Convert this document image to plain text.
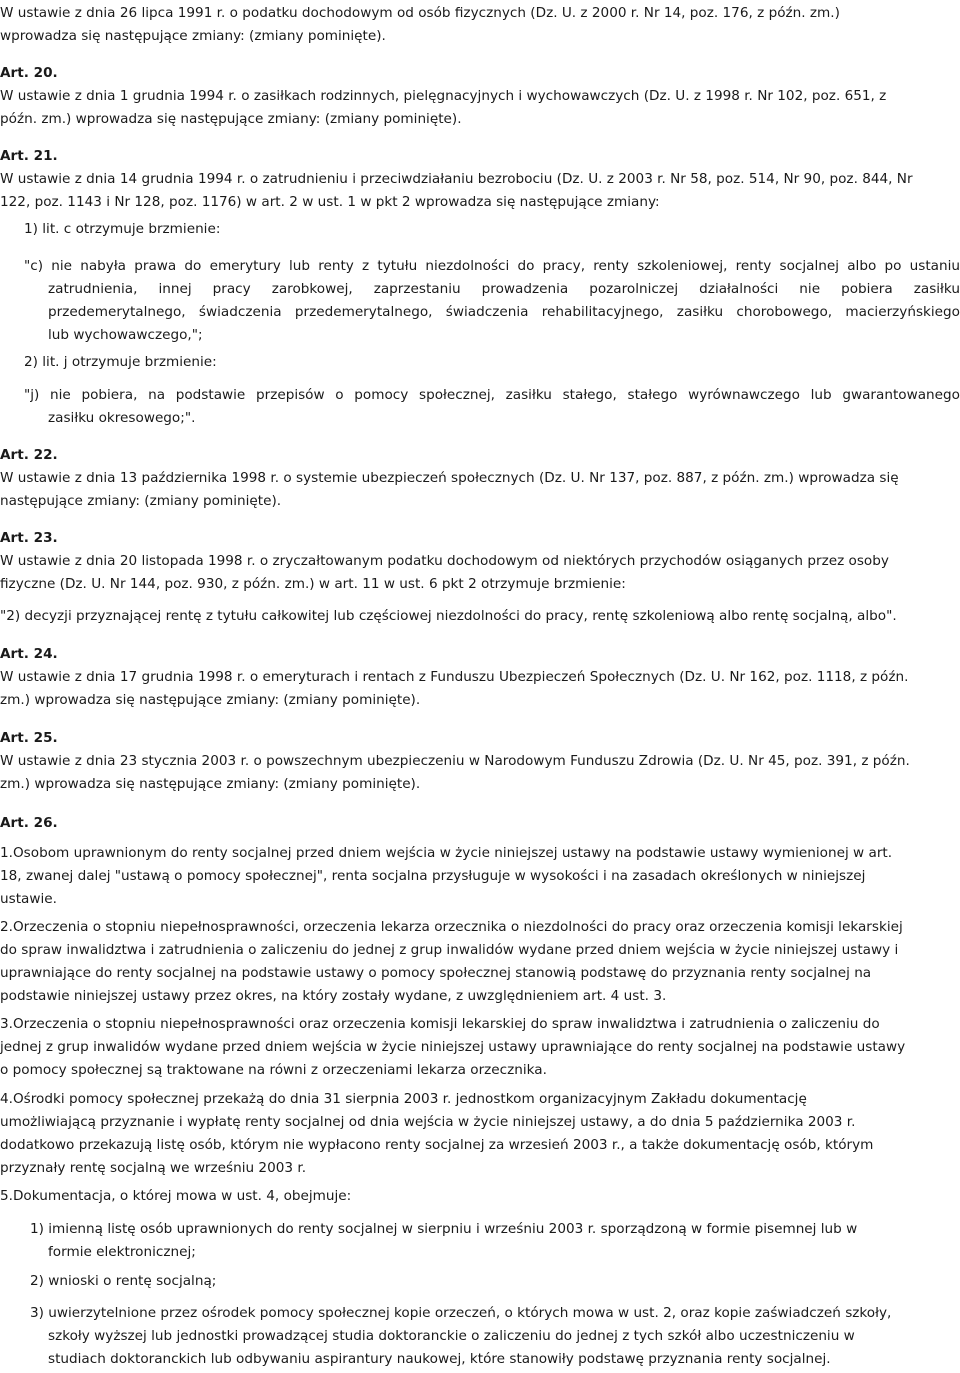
W ustawie z dnia 26 lipca 1991 r. o podatku dochodowym od osób fizycznych (Dz. U. z 2000 r. Nr 14, poz. 176, z późn. zm.)
wprowadza się następujące zmiany: (zmiany pominięte).
Art. 20.
W ustawie z dnia 1 grudnia 1994 r. o zasiłkach rodzinnych, pielęgnacyjnych i wychowawczych (Dz. U. z 1998 r. Nr 102, poz. 651, z
późn. zm.) wprowadza się następujące zmiany: (zmiany pominięte).
Art. 21.
W ustawie z dnia 14 grudnia 1994 r. o zatrudnieniu i przeciwdziałaniu bezrobociu (Dz. U. z 2003 r. Nr 58, poz. 514, Nr 90, poz. 844, Nr
122, poz. 1143 i Nr 128, poz. 1176) w art. 2 w ust. 1 w pkt 2 wprowadza się następujące zmiany:
1) lit. c otrzymuje brzmienie:
"c) nie nabyła prawa do emerytury lub renty z tytułu niezdolności do pracy, renty szkoleniowej, renty socjalnej albo po ustaniu
zatrudnienia, innej pracy zarobkowej, zaprzestaniu prowadzenia pozarolniczej działalności nie pobiera zasiłku
przedemerytalnego, świadczenia przedemerytalnego, świadczenia rehabilitacyjnego, zasiłku chorobowego, macierzyńskiego
lub wychowawczego,";
2) lit. j otrzymuje brzmienie:
"j) nie pobiera, na podstawie przepisów o pomocy społecznej, zasiłku stałego, stałego wyrównawczego lub gwarantowanego
zasiłku okresowego;".
Art. 22.
W ustawie z dnia 13 października 1998 r. o systemie ubezpieczeń społecznych (Dz. U. Nr 137, poz. 887, z późn. zm.) wprowadza się
następujące zmiany: (zmiany pominięte).
Art. 23.
W ustawie z dnia 20 listopada 1998 r. o zryczałtowanym podatku dochodowym od niektórych przychodów osiąganych przez osoby
fizyczne (Dz. U. Nr 144, poz. 930, z późn. zm.) w art. 11 w ust. 6 pkt 2 otrzymuje brzmienie:
"2) decyzji przyznającej rentę z tytułu całkowitej lub częściowej niezdolności do pracy, rentę szkoleniową albo rentę socjalną, albo".
Art. 24.
W ustawie z dnia 17 grudnia 1998 r. o emeryturach i rentach z Funduszu Ubezpieczeń Społecznych (Dz. U. Nr 162, poz. 1118, z późn.
zm.) wprowadza się następujące zmiany: (zmiany pominięte).
Art. 25.
W ustawie z dnia 23 stycznia 2003 r. o powszechnym ubezpieczeniu w Narodowym Funduszu Zdrowia (Dz. U. Nr 45, poz. 391, z późn.
zm.) wprowadza się następujące zmiany: (zmiany pominięte).
Art. 26.
1.Osobom uprawnionym do renty socjalnej przed dniem wejścia w życie niniejszej ustawy na podstawie ustawy wymienionej w art.
18, zwanej dalej "ustawą o pomocy społecznej", renta socjalna przysługuje w wysokości i na zasadach określonych w niniejszej
ustawie.
2.Orzeczenia o stopniu niepełnosprawności, orzeczenia lekarza orzecznika o niezdolności do pracy oraz orzeczenia komisji lekarskiej
do spraw inwalidztwa i zatrudnienia o zaliczeniu do jednej z grup inwalidów wydane przed dniem wejścia w życie niniejszej ustawy i
uprawniające do renty socjalnej na podstawie ustawy o pomocy społecznej stanowią podstawę do przyznania renty socjalnej na
podstawie niniejszej ustawy przez okres, na który zostały wydane, z uwzględnieniem art. 4 ust. 3.
3.Orzeczenia o stopniu niepełnosprawności oraz orzeczenia komisji lekarskiej do spraw inwalidztwa i zatrudnienia o zaliczeniu do
jednej z grup inwalidów wydane przed dniem wejścia w życie niniejszej ustawy uprawniające do renty socjalnej na podstawie ustawy
o pomocy społecznej są traktowane na równi z orzeczeniami lekarza orzecznika.
4.Ośrodki pomocy społecznej przekażą do dnia 31 sierpnia 2003 r. jednostkom organizacyjnym Zakładu dokumentację
umożliwiającą przyznanie i wypłatę renty socjalnej od dnia wejścia w życie niniejszej ustawy, a do dnia 5 października 2003 r.
dodatkowo przekazują listę osób, którym nie wypłacono renty socjalnej za wrzesień 2003 r., a także dokumentację osób, którym
przyznały rentę socjalną we wrześniu 2003 r.
5.Dokumentacja, o której mowa w ust. 4, obejmuje:
1) imienną listę osób uprawnionych do renty socjalnej w sierpniu i wrześniu 2003 r. sporządzoną w formie pisemnej lub w
formie elektronicznej;
2) wnioski o rentę socjalną;
3) uwierzytelnione przez ośrodek pomocy społecznej kopie orzeczeń, o których mowa w ust. 2, oraz kopie zaświadczeń szkoły,
szkoły wyższej lub jednostki prowadzącej studia doktoranckie o zaliczeniu do jednej z tych szkół albo uczestniczeniu w
studiach doktoranckich lub odbywaniu aspirantury naukowej, które stanowiły podstawę przyznania renty socjalnej.
